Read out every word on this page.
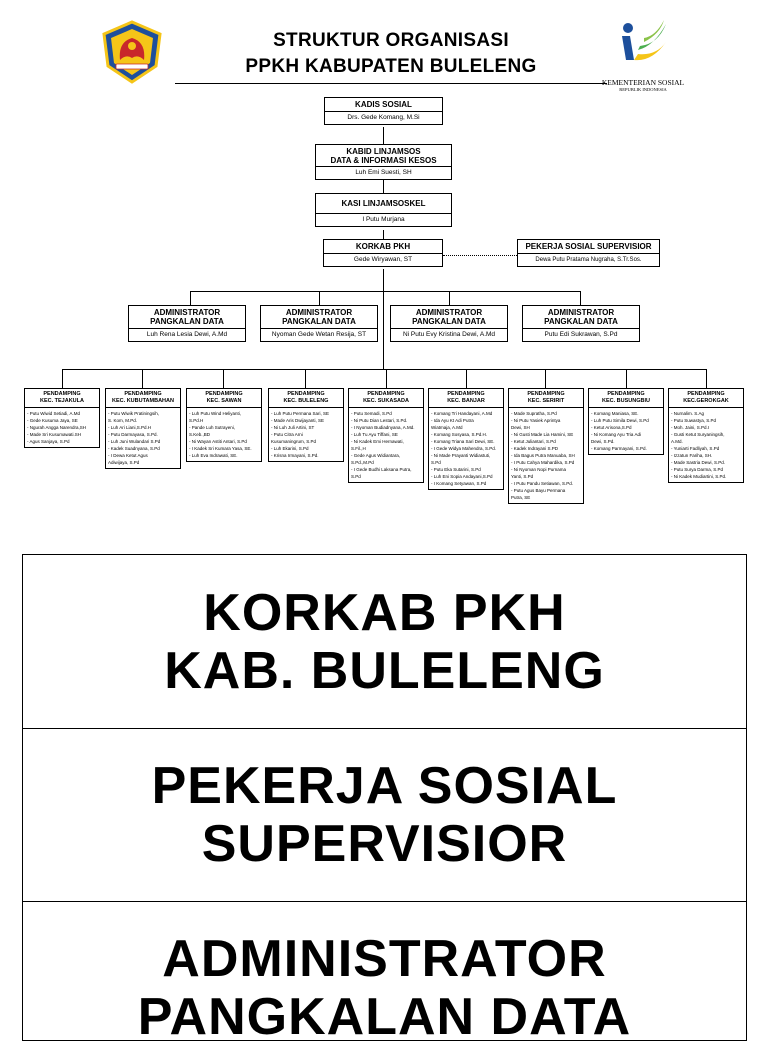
STRUKTUR ORGANISASI
PPKH KABUPATEN BULELENG
KEMENTERIAN SOSIAL
REPUBLIK INDONESIA
KADIS SOSIAL
Drs. Gede Komang, M.Si
KABID LINJAMSOS
DATA & INFORMASI KESOS
Luh Emi Suesti, SH
KASI LINJAMSOSKEL
I Putu Murjana
KORKAB PKH
Gede Wiryawan, ST
PEKERJA SOSIAL SUPERVISIOR
Dewa Putu Pratama Nugraha, S.Tr.Sos.
ADMINISTRATOR
PANGKALAN DATA
Luh Rena Lesia Dewi, A.Md
ADMINISTRATOR
PANGKALAN DATA
Nyoman Gede Wetan Resija, ST
ADMINISTRATOR
PANGKALAN DATA
Ni Putu Evy Kristina Dewi, A.Md
ADMINISTRATOR
PANGKALAN DATA
Putu Edi Sukrawan, S.Pd
PENDAMPING
KEC. TEJAKULA
- Putu Wiwid Setiadi, A.Md
- Gede Kusuma Jaya, SE
- Ngurah Angga Narendra,SH
- Made Sri Kusumawati.SH
- Agus Sanjaya, S.Pd
PENDAMPING
KEC. KUBUTAMBAHAN
- Putu Wiwik Pratiningsih,
S. Kom, M.Pd.
- Luh Ari Liani,S.Pd.H
- Putu Darmayasa, S.Pd.
- Luh Juni Wulandari S.Pd
- Kadek Suadnyana, S.Pd
- I Dewa Ketut Agus
Adiwijaya, S.Pd
PENDAMPING
KEC. SAWAN
- Luh Putu Wind Heliyanti,
S.Pd.H
- Pande Luh Sutrayeni,
S.Keb.,BD
- Ni Wayan Astiti Antari, S.Pd
- I Kadek Sri Kumara Yasa, SE.
- Luh Eva Indrawati, SE.
PENDAMPING
KEC. BULELENG
- Luh Putu Permana Sari, SE
- Made Aris Dwijayanti, SE
- Ni Luh Juli Artini, ST
- Putu Citra Arni
Kusumaningrum, S.Pd
- Luh Ekarini, S.Pd
- Krisna Irmayani, S.Pd.
PENDAMPING
KEC. SUKASADA
- Putu Semadi, S.Pd
- Ni Putu Dian Lestari, S.Pd.
- I Nyoman Budiadnyana, A.Md.
- Luh Tu Ayu Tiffani, SE
- Ni Kadek Emi Hernawati,
S.Fil.,H
- Gede Agus Widiantara,
S.Pd.,M.Pd
- I Gede Budhi Laksana Putra,
S.Pd
PENDAMPING
KEC. BANJAR
- Komang Tri Handayani, A.Md
- Ida Ayu Kt Adi Putra
Wiatmaja, A.Md
- Komang Sosyasa, S.Pd.H.
- Komang Triana Sari Dewi, SE.
- I Gede Widya Mahendra, S.Pd.
- Ni Made Prayanti Widiastuti,
S.Pd
- Putu Eka Sutarini, S.Pd
- Luh Eni Sopia Andayani,S.Pd
- I Komang Setyawan, S.Pd
PENDAMPING
KEC. SERIRIT
- Made Supratha, S.Pd
- Ni Putu Yasiek Aprintya
Dewi, SH
- Ni Gusti Made Lia Hamini, SE
- Ketut Juliantari, S.Pd
- Kadek Indrayani S.PD
- Ida Bagus Putra Manuaba, SH
- I Putu Cahya Mahardika, S.Pd
- Ni Nyoman Nopi Purnama
Yanti, S.Pd
- I Putu Pandu Setiawan, S.Pd.
- Putu Agus Bayu Permana
Putra, SE
PENDAMPING
KEC. BUSUNGBIU
- Komang Maniasa, SE.
- Luh Putu Simila Dewi, S.Pd
- Ketut Arisona,S.Pd
- Ni Komang Ayu Tria Adi
Dewi, S.Pd.
- Komang Parmayani, S.Pd.
PENDAMPING
KEC.GEROKGAK
- Nurnalim. S.Ag
- Putu Suwastya, S.Pd
- Moh. Jaini, S.Pd.I
- Gusti Ketut Suryaningsih,
A.Md.
- Yuniarti Fadliyah, S.Pd
- Izzatun Fariha, SH.
- Made Sastria Dewi, S.Pd.
- Putu Surya Darma, S.Pd
- Ni Kadek Mudiartini, S.Pd.
KORKAB PKH
KAB. BULELENG
PEKERJA SOSIAL
SUPERVISIOR
ADMINISTRATOR
PANGKALAN DATA
